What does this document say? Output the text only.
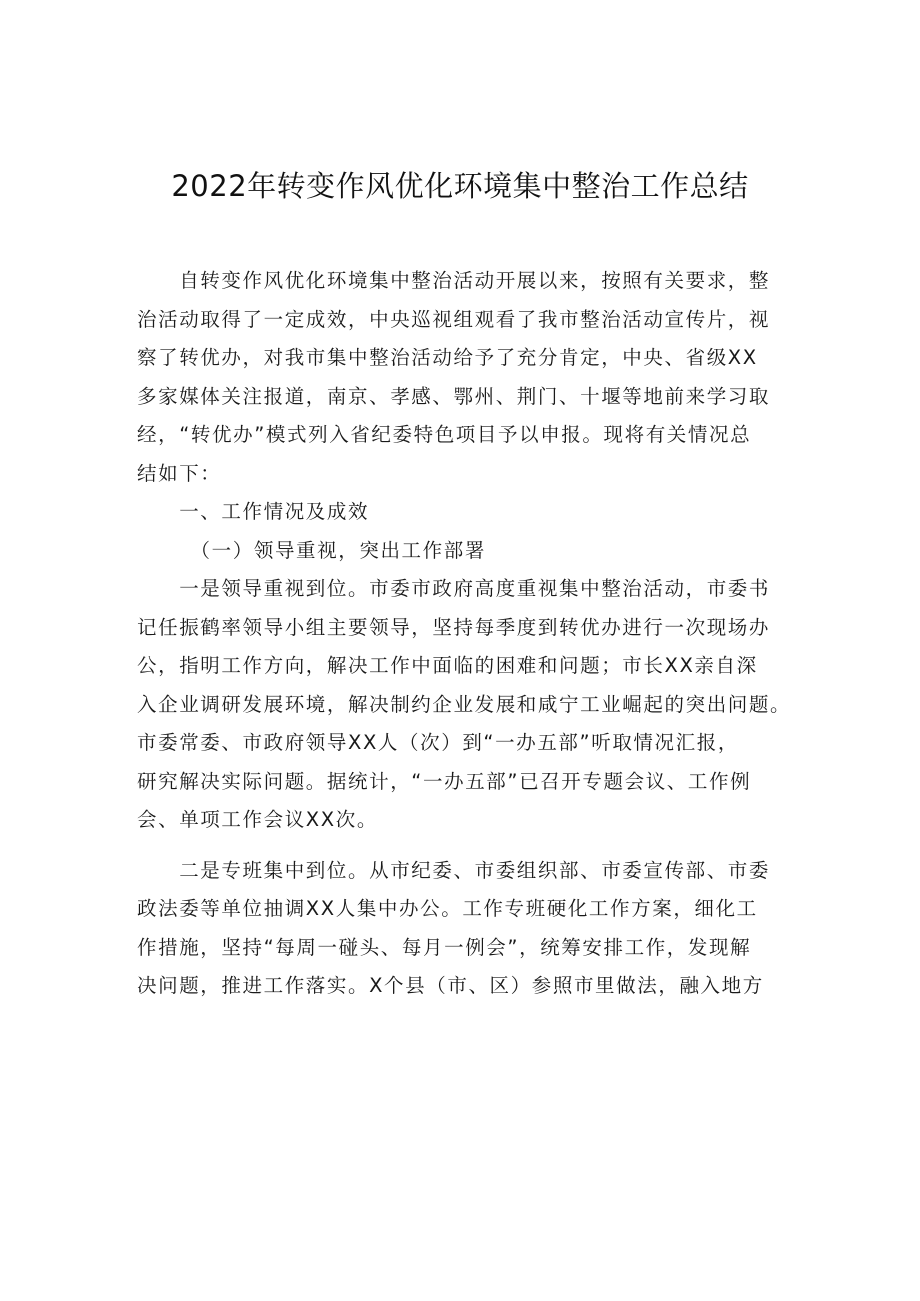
2022年转变作风优化环境集中整治工作总结
　　自转变作风优化环境集中整治活动开展以来，按照有关要求，整
治活动取得了一定成效，中央巡视组观看了我市整治活动宣传片，视
察了转优办，对我市集中整治活动给予了充分肯定，中央、省级XX
多家媒体关注报道，南京、孝感、鄂州、荆门、十堰等地前来学习取
经，“转优办”模式列入省纪委特色项目予以申报。现将有关情况总
结如下：
　　一、工作情况及成效
　　　（一）领导重视，突出工作部署
　　一是领导重视到位。市委市政府高度重视集中整治活动，市委书
记任振鹤率领导小组主要领导，坚持每季度到转优办进行一次现场办
公，指明工作方向，解决工作中面临的困难和问题；市长XX亲自深
入企业调研发展环境，解决制约企业发展和咸宁工业崛起的突出问题。
市委常委、市政府领导XX人（次）到“一办五部”听取情况汇报，
研究解决实际问题。据统计，“一办五部”已召开专题会议、工作例
会、单项工作会议XX次。
　　二是专班集中到位。从市纪委、市委组织部、市委宣传部、市委
政法委等单位抽调XX人集中办公。工作专班硬化工作方案，细化工
作措施，坚持“每周一碰头、每月一例会”，统筹安排工作，发现解
决问题，推进工作落实。X个县（市、区）参照市里做法，融入地方
